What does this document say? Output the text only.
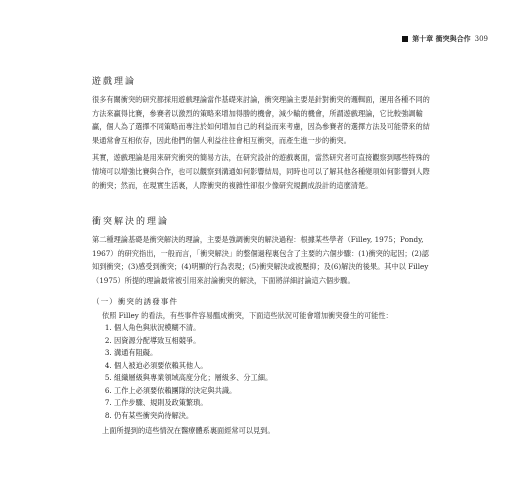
第十章 衝突與合作 309
遊戲理論

很多有關衝突的研究都採用遊戲理論當作基礎來討論，衝突理論主要是針對衝突的邏輯面，運用各種不同的方法來贏得比賽，參賽者以激烈的策略來增加得勝的機會，減少輸的機會，所謂遊戲理論，它比較強調輸贏，個人為了選擇不同策略而專注於如何增加自己的利益而來考慮，因為參賽者的選擇方法及可能帶來的結果通常會互相依存，因此他們的個人利益往往會相互衝突，而產生進一步的衝突。

其實，遊戲理論是用來研究衝突的簡易方法，在研究設計的遊戲裏面，當然研究者可直接觀察到哪些特殊的情境可以增強比賽與合作，也可以觀察到溝通如何影響結局，同時也可以了解其他各種變項如何影響到人際的衝突；然而，在現實生活裏，人際衝突的複雜性卻很少像研究規劃成設計的這麼清楚。

衝突解決的理論

第二種理論基礎是衝突解決的理論，主要是強調衝突的解決過程：根據某些學者（Filley, 1975；Pondy, 1967）的研究指出，一般而言，「衝突解決」的整個過程裏包含了主要的六個步驟：(1)衝突的起因；(2)認知到衝突；(3)感受到衝突；(4)明顯的行為表現；(5)衝突解決或被壓抑；及(6)解決的後果。其中以 Filley（1975）所提的理論最常被引用來討論衝突的解決，下面將詳細討論這六個步驟。

（一）衝突的誘發事件

依照 Filley 的看法，有些事件容易醞成衝突，下面這些狀況可能會增加衝突發生的可能性：

1. 個人角色與狀況模糊不清。
2. 因資源分配導致互相競爭。
3. 溝通有阻礙。
4. 個人被迫必須要依賴其他人。
5. 組織層級與專業領域高度分化；層級多、分工細。
6. 工作上必須要依賴團隊的決定與共識。
7. 工作步驟、規則及政策繁瑣。
8. 仍有某些衝突尚待解決。
上面所提到的這些情況在醫療體系裏面經常可以見到。
